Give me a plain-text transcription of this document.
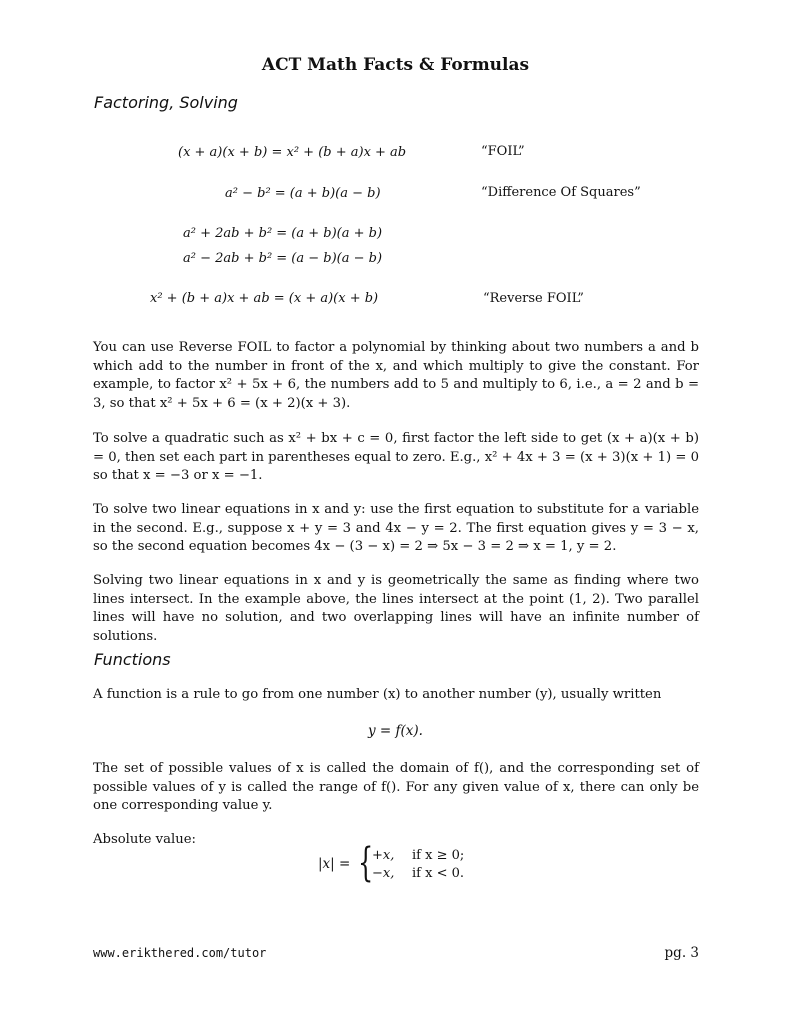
ACT Math Facts & Formulas
Factoring, Solving
(x + a)(x + b) = x² + (b + a)x + ab	“FOIL”
a² − b² = (a + b)(a − b)	“Difference Of Squares”
a² + 2ab + b² = (a + b)(a + b)
a² − 2ab + b² = (a − b)(a − b)
x² + (b + a)x + ab = (x + a)(x + b)	“Reverse FOIL”

You can use Reverse FOIL to factor a polynomial by thinking about two numbers a and b which add to the number in front of the x, and which multiply to give the constant. For example, to factor x² + 5x + 6, the numbers add to 5 and multiply to 6, i.e., a = 2 and b = 3, so that x² + 5x + 6 = (x + 2)(x + 3).

To solve a quadratic such as x² + bx + c = 0, first factor the left side to get (x + a)(x + b) = 0, then set each part in parentheses equal to zero. E.g., x² + 4x + 3 = (x + 3)(x + 1) = 0 so that x = −3 or x = −1.

To solve two linear equations in x and y: use the first equation to substitute for a variable in the second. E.g., suppose x + y = 3 and 4x − y = 2. The first equation gives y = 3 − x, so the second equation becomes 4x − (3 − x) = 2 ⇒ 5x − 3 = 2 ⇒ x = 1, y = 2.

Solving two linear equations in x and y is geometrically the same as finding where two lines intersect. In the example above, the lines intersect at the point (1, 2). Two parallel lines will have no solution, and two overlapping lines will have an infinite number of solutions.

Functions

A function is a rule to go from one number (x) to another number (y), usually written

y = f(x).

The set of possible values of x is called the domain of f(), and the corresponding set of possible values of y is called the range of f(). For any given value of x, there can only be one corresponding value y.

Absolute value:

|x| = {
+x, if x ≥ 0;
−x, if x < 0.
www.erikthered.com/tutor	pg. 3
